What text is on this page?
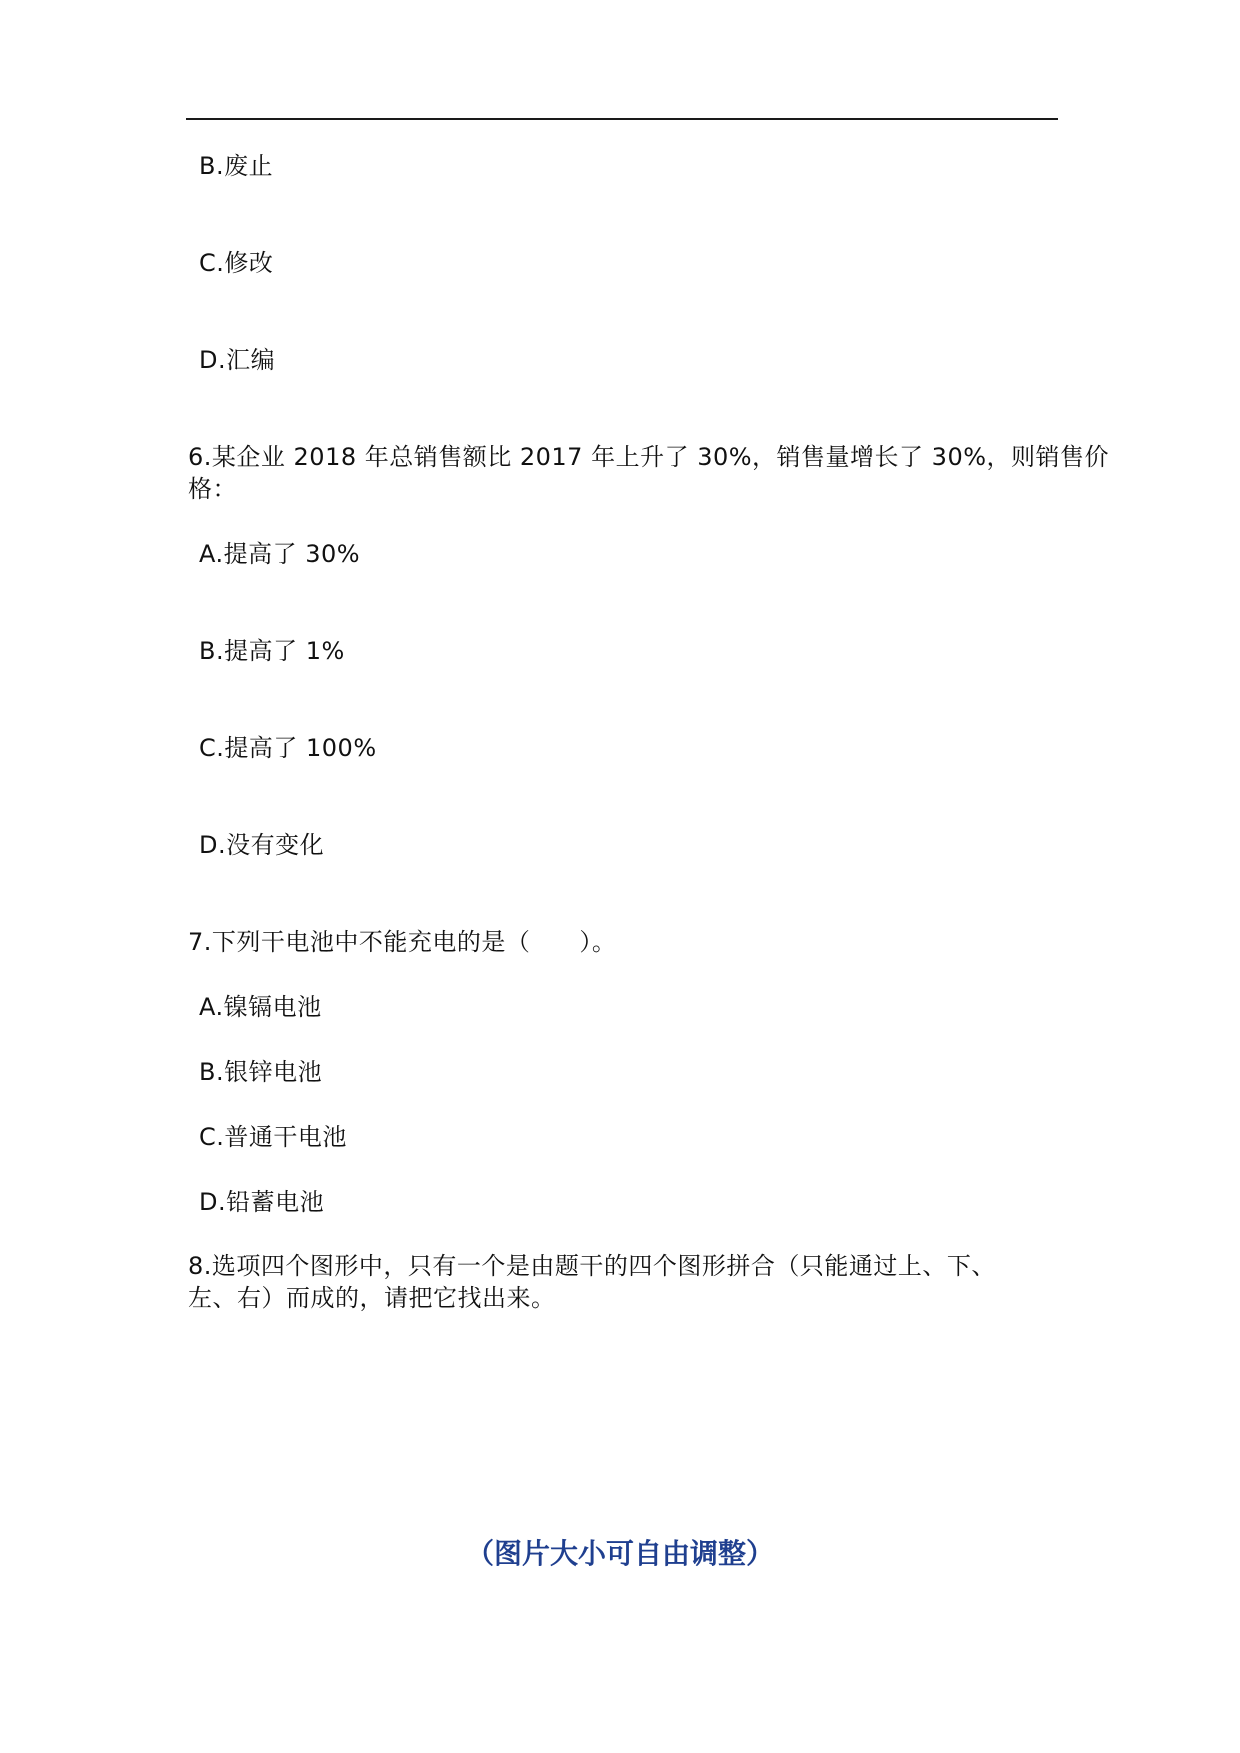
B.废止
C.修改
D.汇编
6.某企业 2018 年总销售额比 2017 年上升了 30%，销售量增长了 30%，则销售价
格：
A.提高了 30%
B.提高了 1%
C.提高了 100%
D.没有变化
7.下列干电池中不能充电的是（　　）。
A.镍镉电池
B.银锌电池
C.普通干电池
D.铅蓄电池
8.选项四个图形中，只有一个是由题干的四个图形拼合（只能通过上、下、
左、右）而成的，请把它找出来。
（图片大小可自由调整）
